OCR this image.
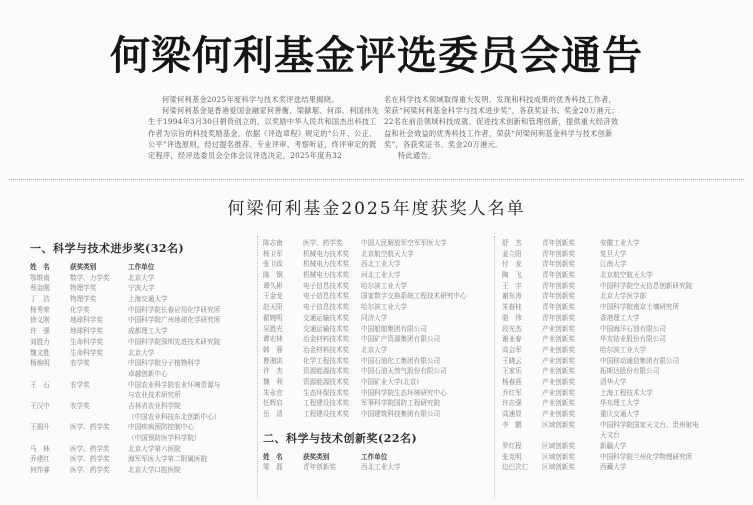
何梁何利基金评选委员会通告

何梁何利基金2025年度科学与技术奖评选结果揭晓。

何梁何利基金是香港爱国金融家何善衡、梁銶琚、何添、利国伟先生于1994年3月30日捐资创立的，以奖励中华人民共和国杰出科技工作者为宗旨的科技奖励基金。依据《评选章程》规定的“公开、公正、公平”评选原则，经过提名推荐、专业评审、考察听证，终评审定的既定程序，经评选委员会全体会议评选决定，2025年度有32

名在科学技术领域取得重大发明、发现和科技成果的优秀科技工作者，荣获“何梁何利基金科学与技术进步奖”，各获奖证书、奖金20万港元；22名在前沿领域科技成就、促进技术创新和管理创新，提供重大经济效益和社会效益的优秀科技工作者，荣获“何梁何利基金科学与技术创新奖”，各获奖证书、奖金20万港元。

特此通告。

何梁何利基金2025年度获奖人名单
一、科学与技术进步奖(32名)
姓　名	获奖类别	工作单位
鄂维南	数学、力学奖	北京大学
蔡金刚	物理学奖	宁波大学
丁　浩	物理学奖	上海交通大学
杨秀荣	化学奖	中国科学院长春应用化学研究所
徐义刚	地球科学奖	中国科学院广州地球化学研究所
许　强	地球科学奖	成都理工大学
刘胜力	生命科学奖	中国科学院深圳先进技术研究院
魏文胜	生命科学奖	北京大学
杨焕明	农学奖	中国科学院分子植物科学
卓越创新中心
王　石	农学奖	中国农业科学院农业环境资源与
与农业技术研究所
王汉中	农学奖	吉林省农业科学院
（中国农业科技东北创新中心）
王拥升	医学、药学奖	中国疾病预防控制中心
（中国预防医学科学院）
马　林	医学、药学奖	北京大学第六医院
乔建红	医学、药学奖	海军军医大学第二附属医院
何作睿	医学、药学奖	北京大学口腔医院
陈志南	医学、药学奖	中国人民解放军空军军医大学
杨卫军	机械电力技术奖	北京航空航天大学
张卫政	机械电力技术奖	西北工业大学
陈　钢	机械电力技术奖	河北工业大学
谭久彬	电子信息技术奖	哈尔滨工业大学
王金龙	电子信息技术奖	国家数字交换系统工程技术研究中心
赵天阳	电子信息技术奖	哈尔滨工业大学
翟婉明	交通运输技术奖	同济大学
吴胜光	交通运输技术奖	中国船舶集团有限公司
谭宏林	冶金材料技术奖	中国矿产资源集团有限公司
韩　蓉	冶金材料技术奖	北京大学
曹湘洪	化学工程技术奖	中国石油化工集团有限公司
许　杰	资源能源技术奖	中国石油天然气股份有限公司
魏　利	资源能源技术奖	中国矿业大学(北京)
朱永官	生态环保技术奖	中国科学院生态环境研究中心
任辉启	工程建设技术奖	军事科学院国防工程研究院
岳　清	工程建设技术奖	中国建筑科技集团有限公司
二、科学与技术创新奖(22名)
姓　名	获奖类别	工作单位
梁　磊	青年创新奖	西北工业大学
舒　杰	青年创新奖	安徽工业大学
姜立阳	青年创新奖	复旦大学
付　龙	青年创新奖	江南大学
陶　飞	青年创新奖	北京航空航天大学
王　宇	青年创新奖	中国科学院空天信息创新研究院
谢东涛	青年创新奖	北京大学医学部
朱春桂	青年创新奖	中国科学院南京土壤研究所
骆　伟	青年创新奖	香港理工大学
段光杰	产业创新奖	中国海洋石油有限公司
谢亚春	产业创新奖	华友钴业股份有限公司
高会军	产业创新奖	哈尔滨工业大学
王晓云	产业创新奖	中国移动通信集团有限公司
王家乐	产业创新奖	拓斯达股份有限公司
杨春燕	产业创新奖	清华大学
乔红军	产业创新奖	上海工程技术大学
许志强	产业创新奖	华东理工大学
高速显	产业创新奖	重庆交通大学
李　鹏	区域创新奖	中国科学院国家天文台、贵州射电
天文台
罗红程	区域创新奖	新疆大学
张克明	区域创新奖	中国科学院兰州化学物理研究所
边巴次仁	区域创新奖	西藏大学
